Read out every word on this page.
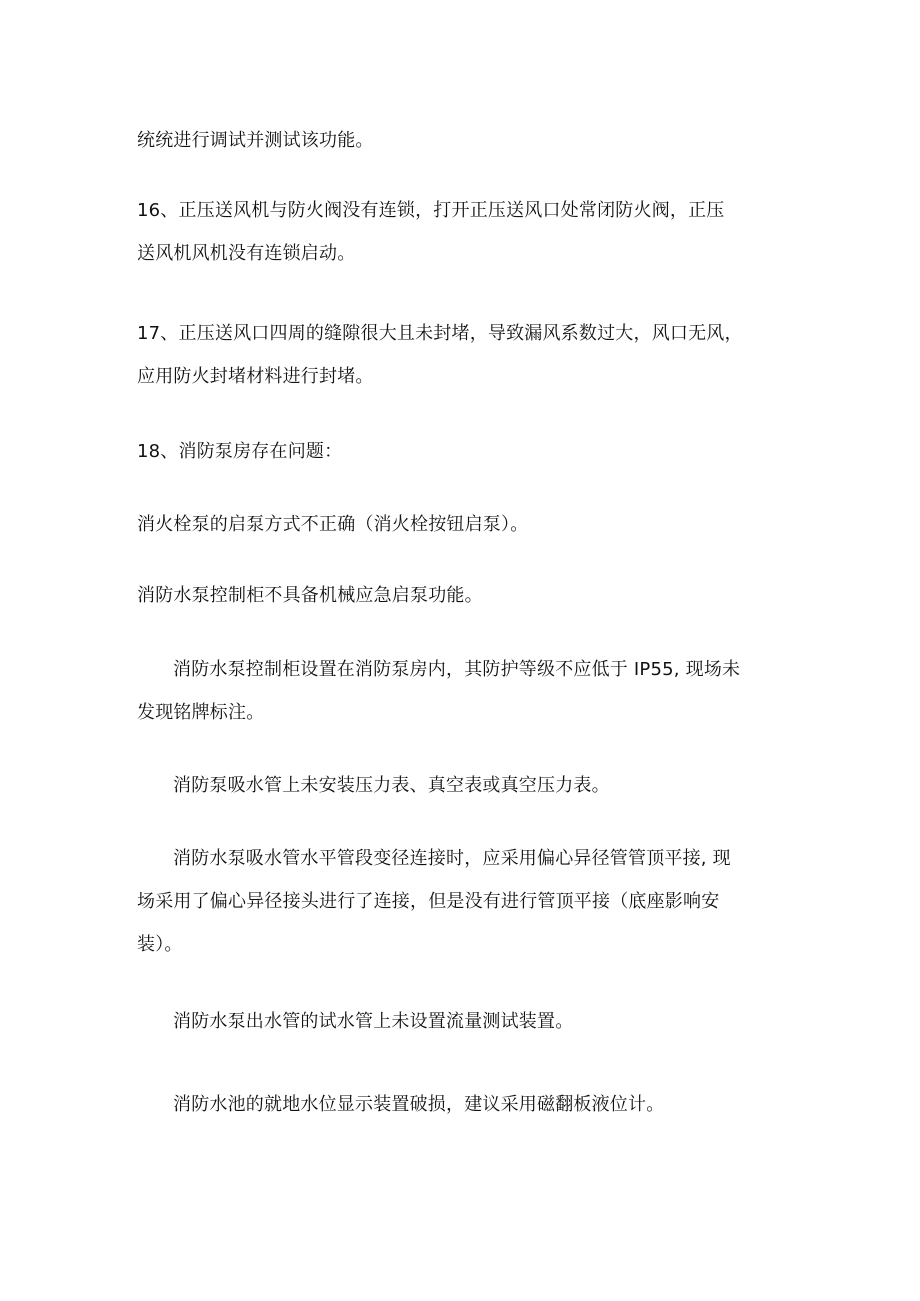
统统进行调试并测试该功能。

16、正压送风机与防火阀没有连锁，打开正压送风口处常闭防火阀，正压
送风机风机没有连锁启动。

17、正压送风口四周的缝隙很大且未封堵，导致漏风系数过大，风口无风，
应用防火封堵材料进行封堵。

18、消防泵房存在问题：

消火栓泵的启泵方式不正确（消火栓按钮启泵）。

消防水泵控制柜不具备机械应急启泵功能。

消防水泵控制柜设置在消防泵房内，其防护等级不应低于 IP55, 现场未
发现铭牌标注。

消防泵吸水管上未安装压力表、真空表或真空压力表。

消防水泵吸水管水平管段变径连接时，应采用偏心异径管管顶平接, 现
场采用了偏心异径接头进行了连接，但是没有进行管顶平接（底座影响安
装）。

消防水泵出水管的试水管上未设置流量测试装置。

消防水池的就地水位显示装置破损，建议采用磁翻板液位计。
